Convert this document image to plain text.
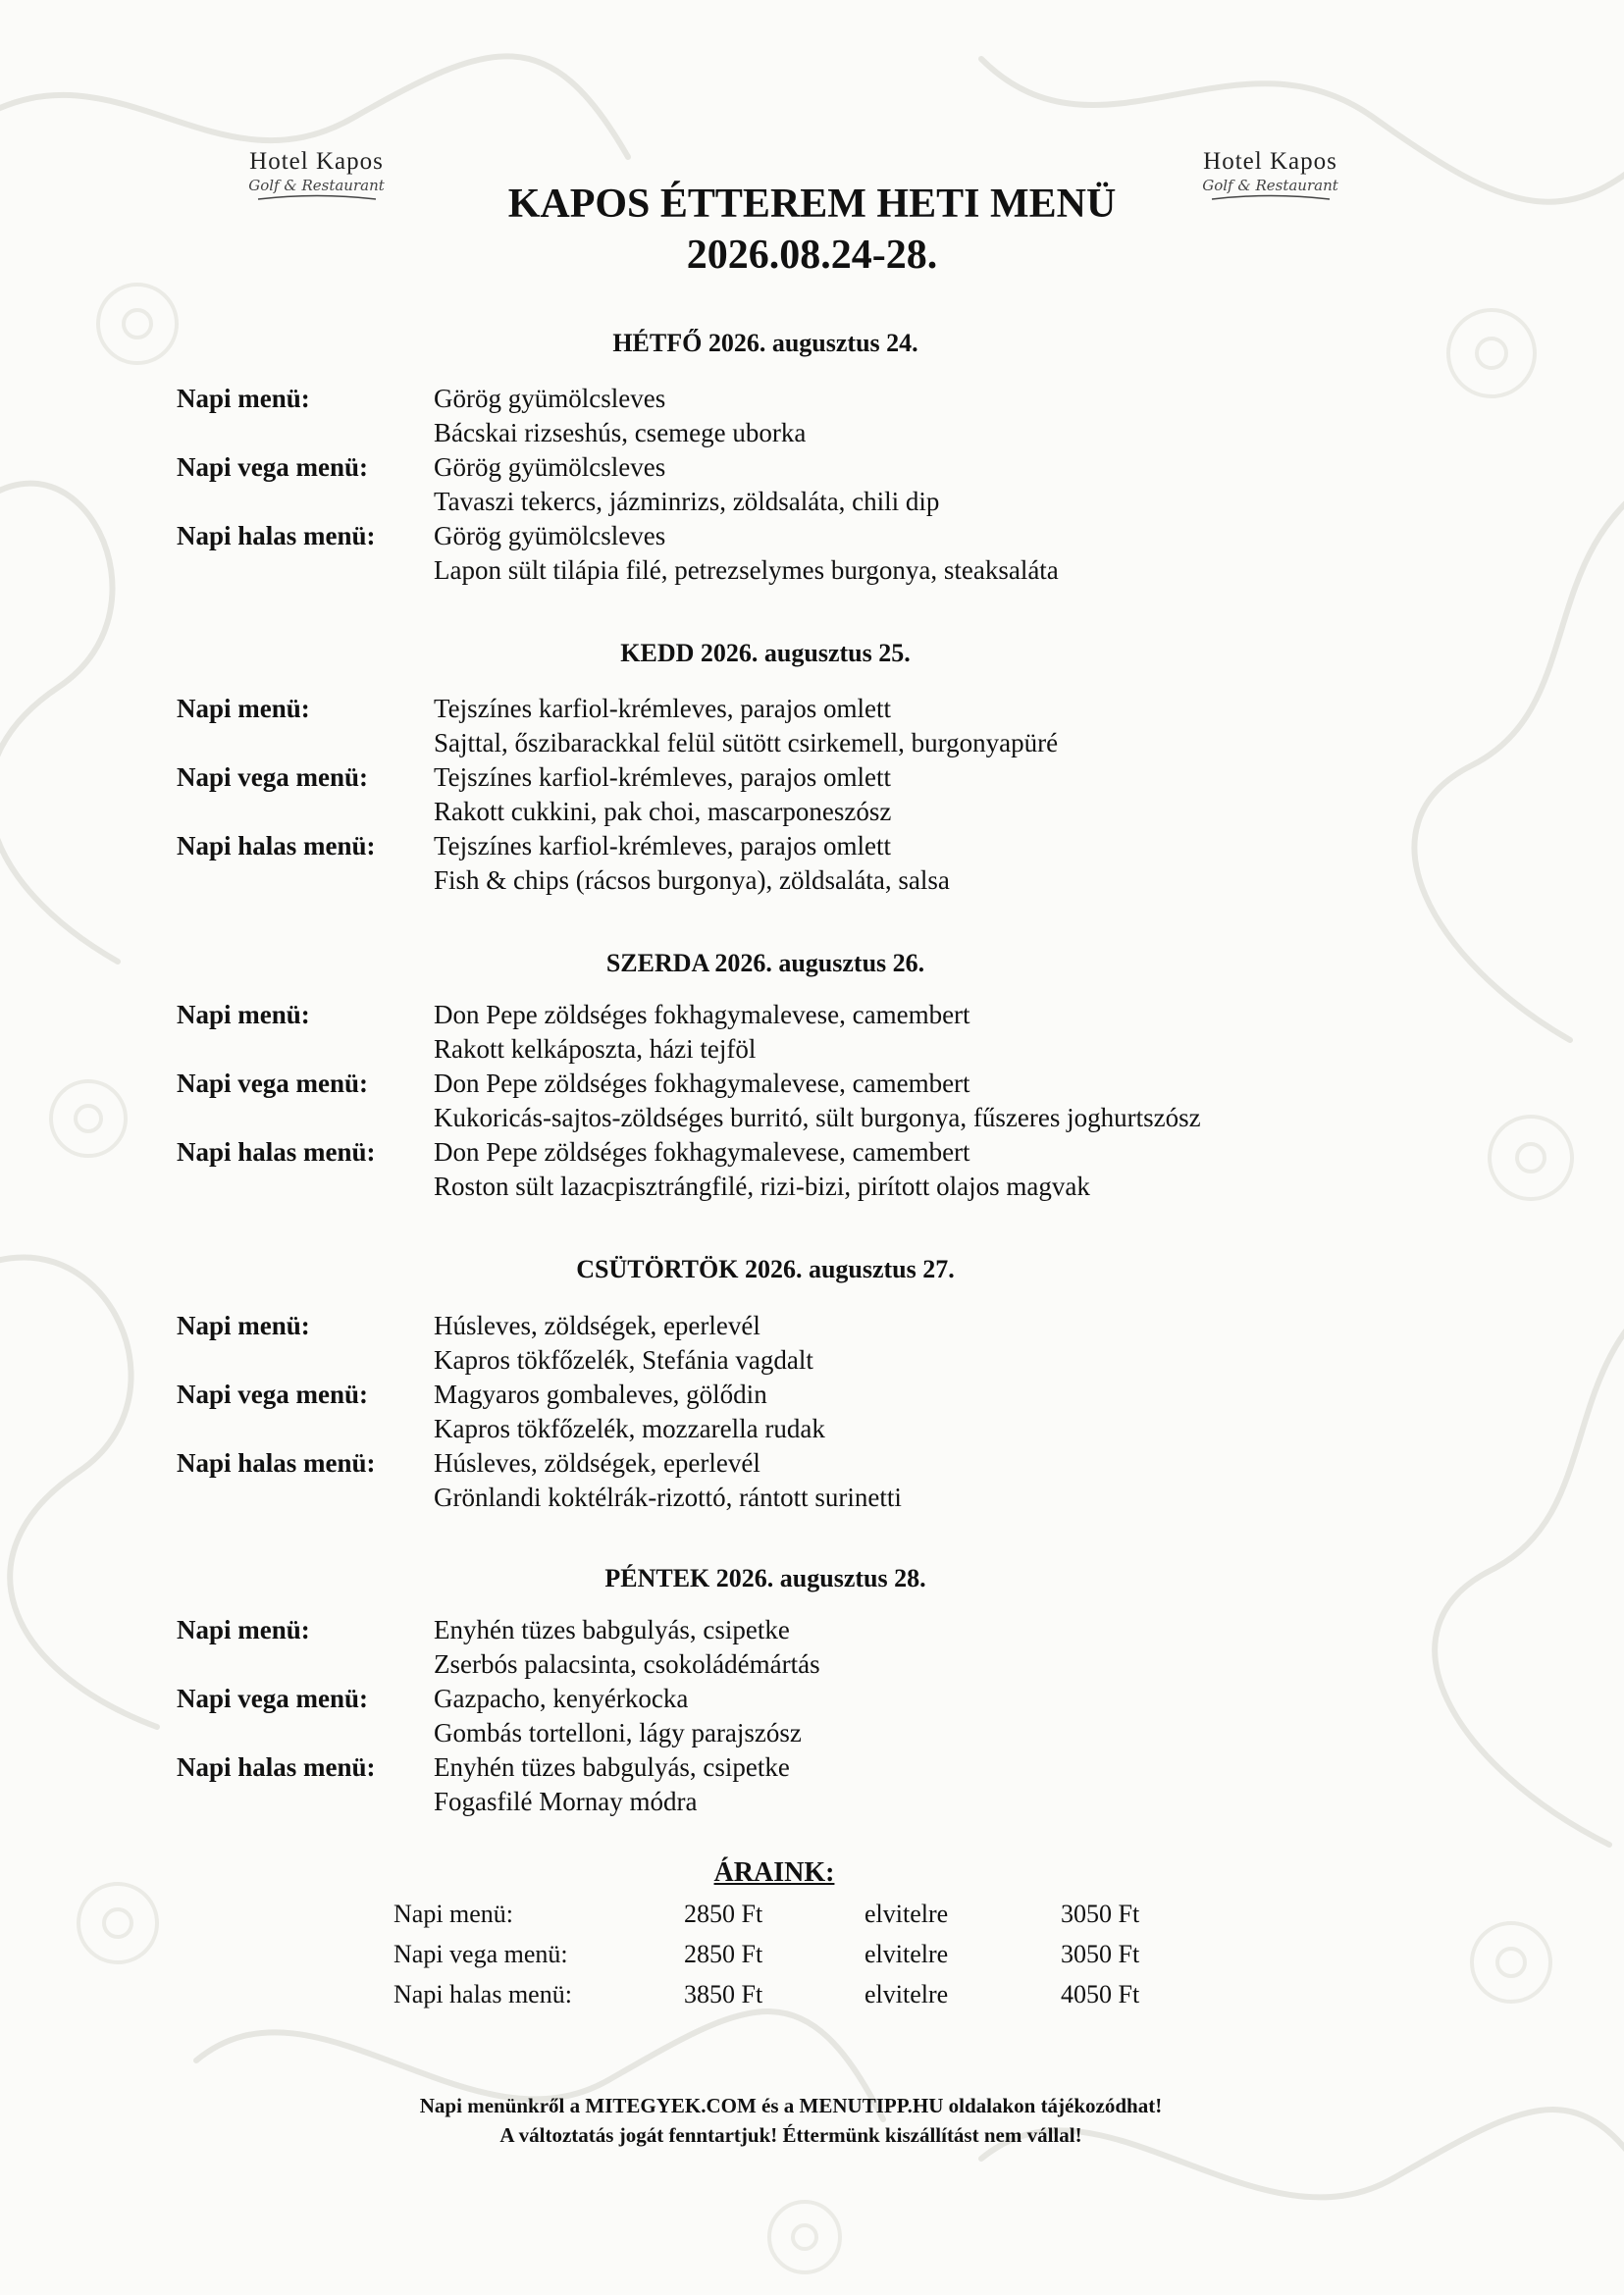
Hotel Kapos
Golf & Restaurant
Hotel Kapos
Golf & Restaurant
KAPOS ÉTTEREM HETI MENÜ
2026.08.24-28.
HÉTFŐ 2026. augusztus 24.
Napi menü:	Görög gyümölcsleves
Bácskai rizseshús, csemege uborka
Napi vega menü: Görög gyümölcsleves
Tavaszi tekercs, jázminrizs, zöldsaláta, chili dip
Napi halas menü: Görög gyümölcsleves
Lapon sült tilápia filé, petrezselymes burgonya, steaksaláta
KEDD 2026. augusztus 25.
Napi menü:	Tejszínes karfiol-krémleves, parajos omlett
Sajttal, őszibarackkal felül sütött csirkemell, burgonyapüré
Napi vega menü: Tejszínes karfiol-krémleves, parajos omlett
Rakott cukkini, pak choi, mascarponeszósz
Napi halas menü: Tejszínes karfiol-krémleves, parajos omlett
Fish & chips (rácsos burgonya), zöldsaláta, salsa
SZERDA 2026. augusztus 26.
Napi menü:	Don Pepe zöldséges fokhagymalevese, camembert
Rakott kelkáposzta, házi tejföl
Napi vega menü: Don Pepe zöldséges fokhagymalevese, camembert
Kukoricás-sajtos-zöldséges burritó, sült burgonya, fűszeres joghurtszósz
Napi halas menü: Don Pepe zöldséges fokhagymalevese, camembert
Roston sült lazacpisztrángfilé, rizi-bizi, pirított olajos magvak
CSÜTÖRTÖK 2026. augusztus 27.
Napi menü:	Húsleves, zöldségek, eperlevél
Kapros tökfőzelék, Stefánia vagdalt
Napi vega menü: Magyaros gombaleves, gölődin
Kapros tökfőzelék, mozzarella rudak
Napi halas menü: Húsleves, zöldségek, eperlevél
Grönlandi koktélrák-rizottó, rántott surinetti
PÉNTEK 2026. augusztus 28.
Napi menü:	Enyhén tüzes babgulyás, csipetke
Zserbós palacsinta, csokoládémártás
Napi vega menü: Gazpacho, kenyérkocka
Gombás tortelloni, lágy parajszósz
Napi halas menü: Enyhén tüzes babgulyás, csipetke
Fogasfilé Mornay módra
ÁRAINK:
Napi menü:	2850 Ft	elvitelre	3050 Ft
Napi vega menü:	2850 Ft	elvitelre	3050 Ft
Napi halas menü:	3850 Ft	elvitelre	4050 Ft
Napi menünkről a MITEGYEK.COM és a MENUTIPP.HU oldalakon tájékozódhat!
A változtatás jogát fenntartjuk! Éttermünk kiszállítást nem vállal!
